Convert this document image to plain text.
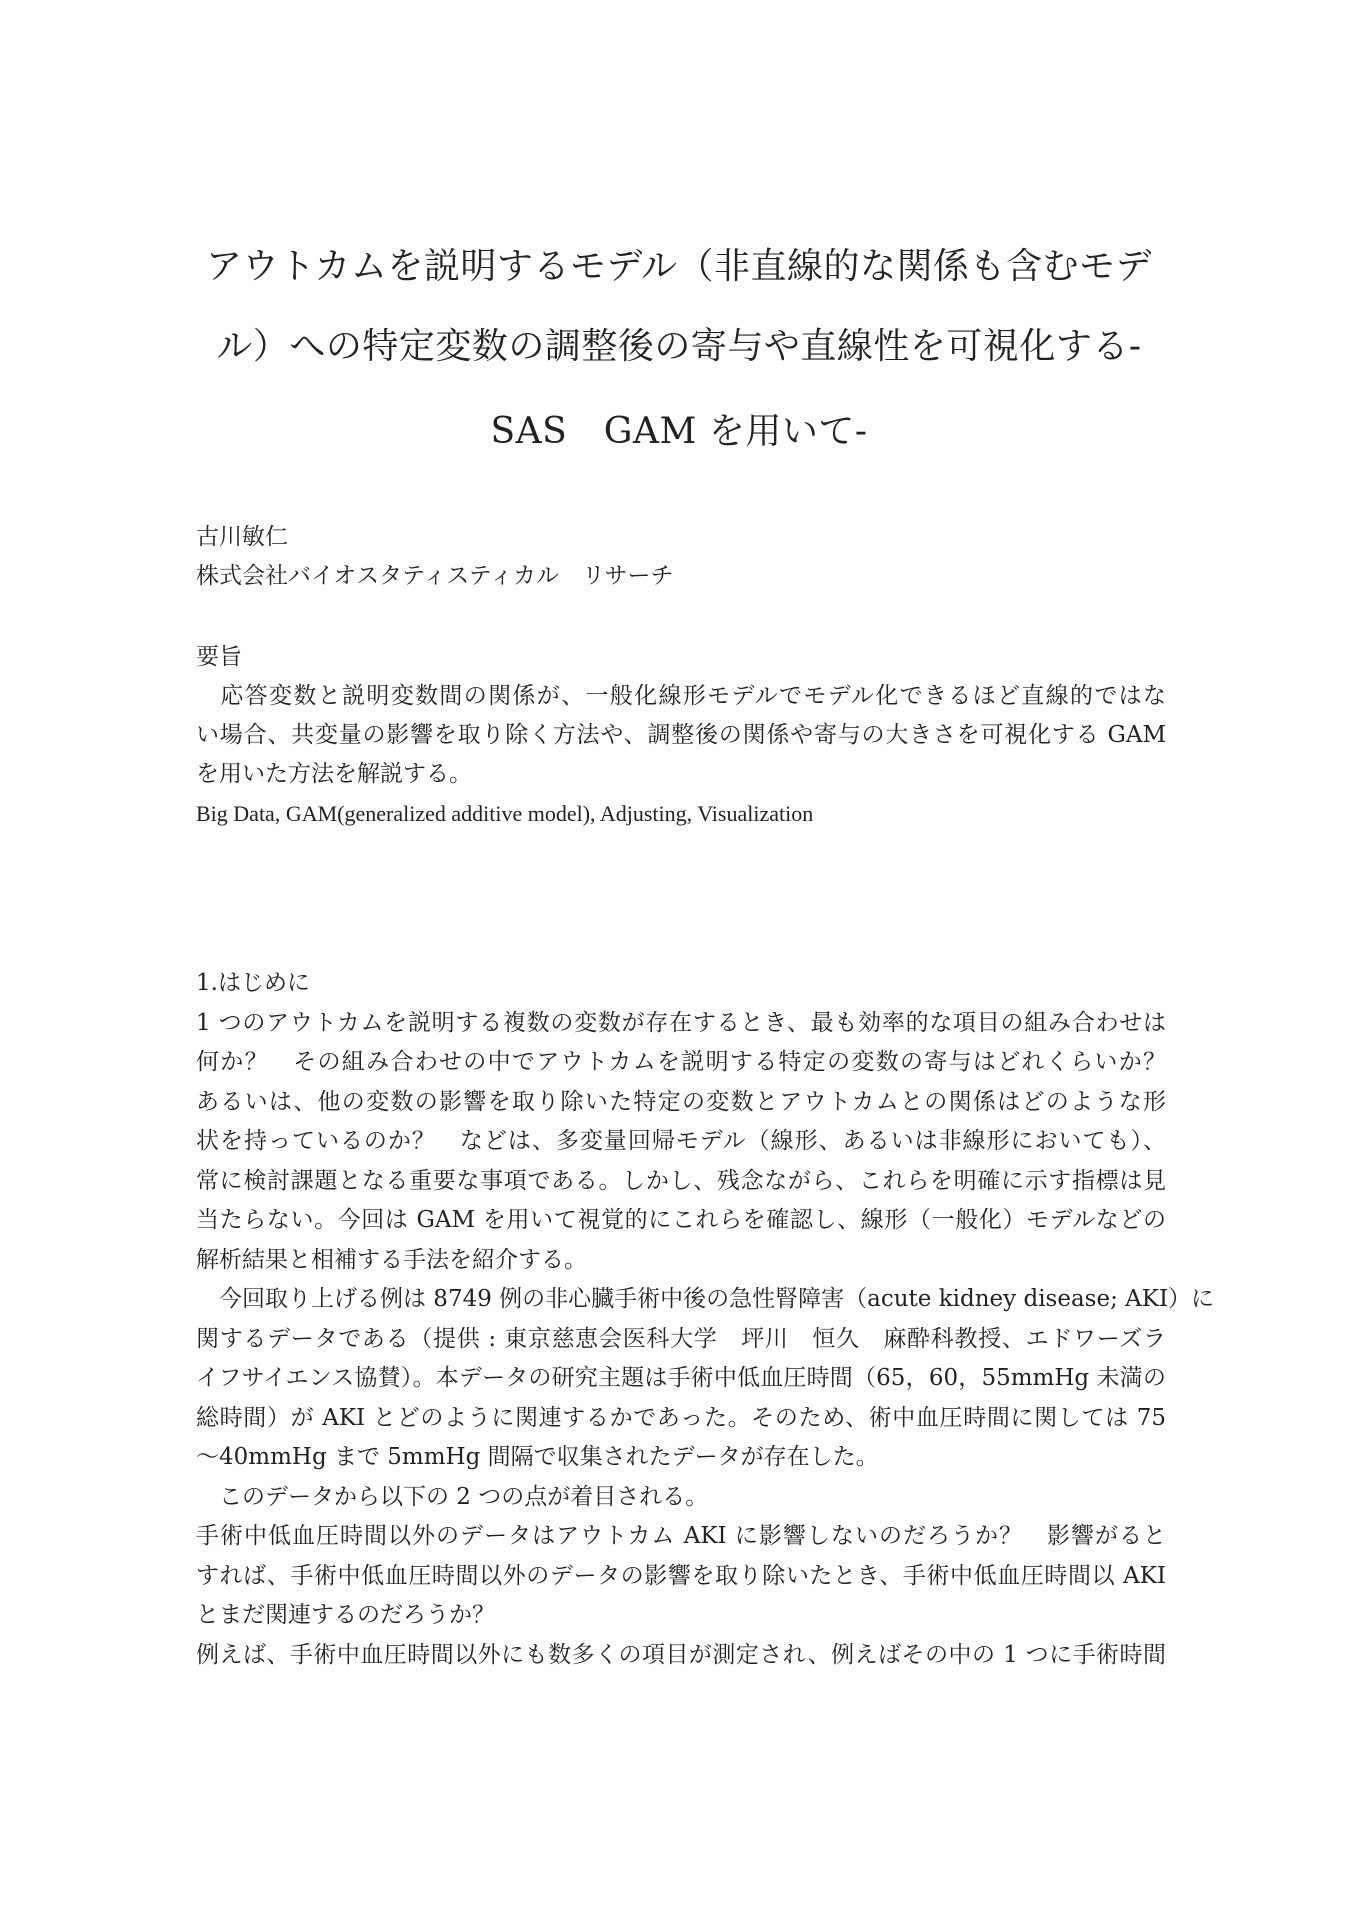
アウトカムを説明するモデル（非直線的な関係も含むモデ
ル）への特定変数の調整後の寄与や直線性を可視化する-
SAS　GAM を用いて-
古川敏仁
株式会社バイオスタティスティカル　リサーチ
要旨
　応答変数と説明変数間の関係が、一般化線形モデルでモデル化できるほど直線的ではな
い場合、共変量の影響を取り除く方法や、調整後の関係や寄与の大きさを可視化する GAM
を用いた方法を解説する。
Big Data, GAM(generalized additive model), Adjusting, Visualization
1.はじめに
1 つのアウトカムを説明する複数の変数が存在するとき、最も効率的な項目の組み合わせは
何か？　その組み合わせの中でアウトカムを説明する特定の変数の寄与はどれくらいか？
あるいは、他の変数の影響を取り除いた特定の変数とアウトカムとの関係はどのような形
状を持っているのか？　などは、多変量回帰モデル（線形、あるいは非線形においても）、
常に検討課題となる重要な事項である。しかし、残念ながら、これらを明確に示す指標は見
当たらない。今回は GAM を用いて視覚的にこれらを確認し、線形（一般化）モデルなどの
解析結果と相補する手法を紹介する。
　今回取り上げる例は 8749 例の非心臓手術中後の急性腎障害（acute kidney disease; AKI）に
関するデータである（提供 : 東京慈恵会医科大学　坪川　恒久　麻酔科教授、エドワーズラ
イフサイエンス協賛）。本データの研究主題は手術中低血圧時間（65，60，55mmHg 未満の
総時間）が AKI とどのように関連するかであった。そのため、術中血圧時間に関しては 75
～40mmHg まで 5mmHg 間隔で収集されたデータが存在した。
　このデータから以下の 2 つの点が着目される。
手術中低血圧時間以外のデータはアウトカム AKI に影響しないのだろうか？　影響がると
すれば、手術中低血圧時間以外のデータの影響を取り除いたとき、手術中低血圧時間以 AKI
とまだ関連するのだろうか？
例えば、手術中血圧時間以外にも数多くの項目が測定され、例えばその中の 1 つに手術時間
